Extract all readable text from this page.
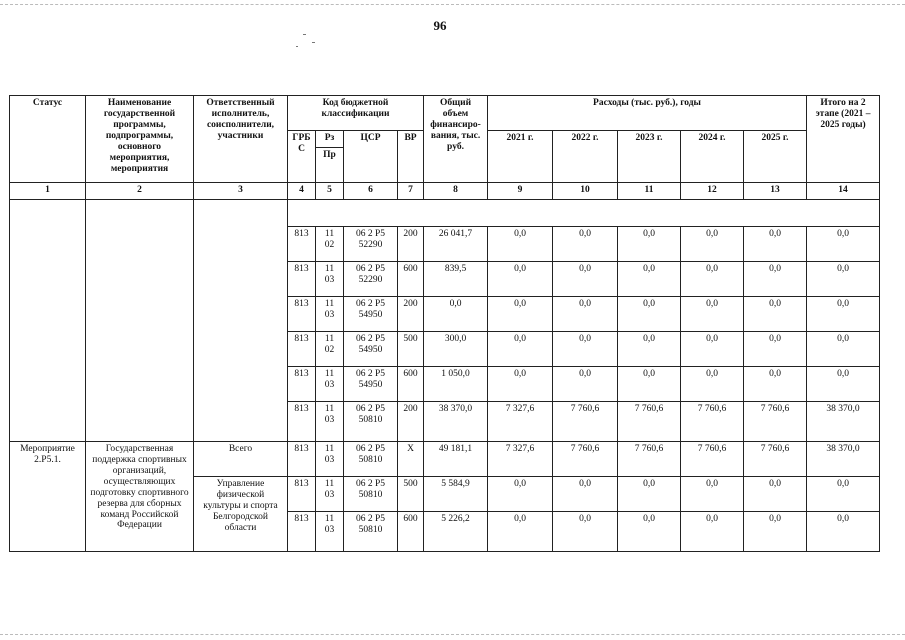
96
Статус	Наименование государственной программы, подпрограммы, основного мероприятия, мероприятия	Ответственный исполнитель, соисполнители, участники	Код бюджетной классификации				Общий объем финансиро-вания, тыс. руб.	Расходы (тыс. руб.), годы					Итого на 2 этапе (2021 – 2025 годы)
			ГРБ С	Рз	ЦСР	ВР		2021 г.	2022 г.	2023 г.	2024 г.	2025 г.	
				Пр									
1	2	3	4	5	6	7	8	9	10	11	12	13	14

			813	11 02	06 2 Р5 52290	200	26 041,7	0,0	0,0	0,0	0,0	0,0	0,0
			813	11 03	06 2 Р5 52290	600	839,5	0,0	0,0	0,0	0,0	0,0	0,0
			813	11 03	06 2 Р5 54950	200	0,0	0,0	0,0	0,0	0,0	0,0	0,0
			813	11 02	06 2 Р5 54950	500	300,0	0,0	0,0	0,0	0,0	0,0	0,0
			813	11 03	06 2 Р5 54950	600	1 050,0	0,0	0,0	0,0	0,0	0,0	0,0
			813	11 03	06 2 Р5 50810	200	38 370,0	7 327,6	7 760,6	7 760,6	7 760,6	7 760,6	38 370,0
Мероприятие 2.Р5.1.	Государственная поддержка спортивных организаций, осуществляющих подготовку спортивного резерва для сборных команд Российской Федерации	Всего	813	11 03	06 2 Р5 50810	X	49 181,1	7 327,6	7 760,6	7 760,6	7 760,6	7 760,6	38 370,0
		Управление физической культуры и спорта Белгородской области	813	11 03	06 2 Р5 50810	500	5 584,9	0,0	0,0	0,0	0,0	0,0	0,0
			813	11 03	06 2 Р5 50810	600	5 226,2	0,0	0,0	0,0	0,0	0,0	0,0
